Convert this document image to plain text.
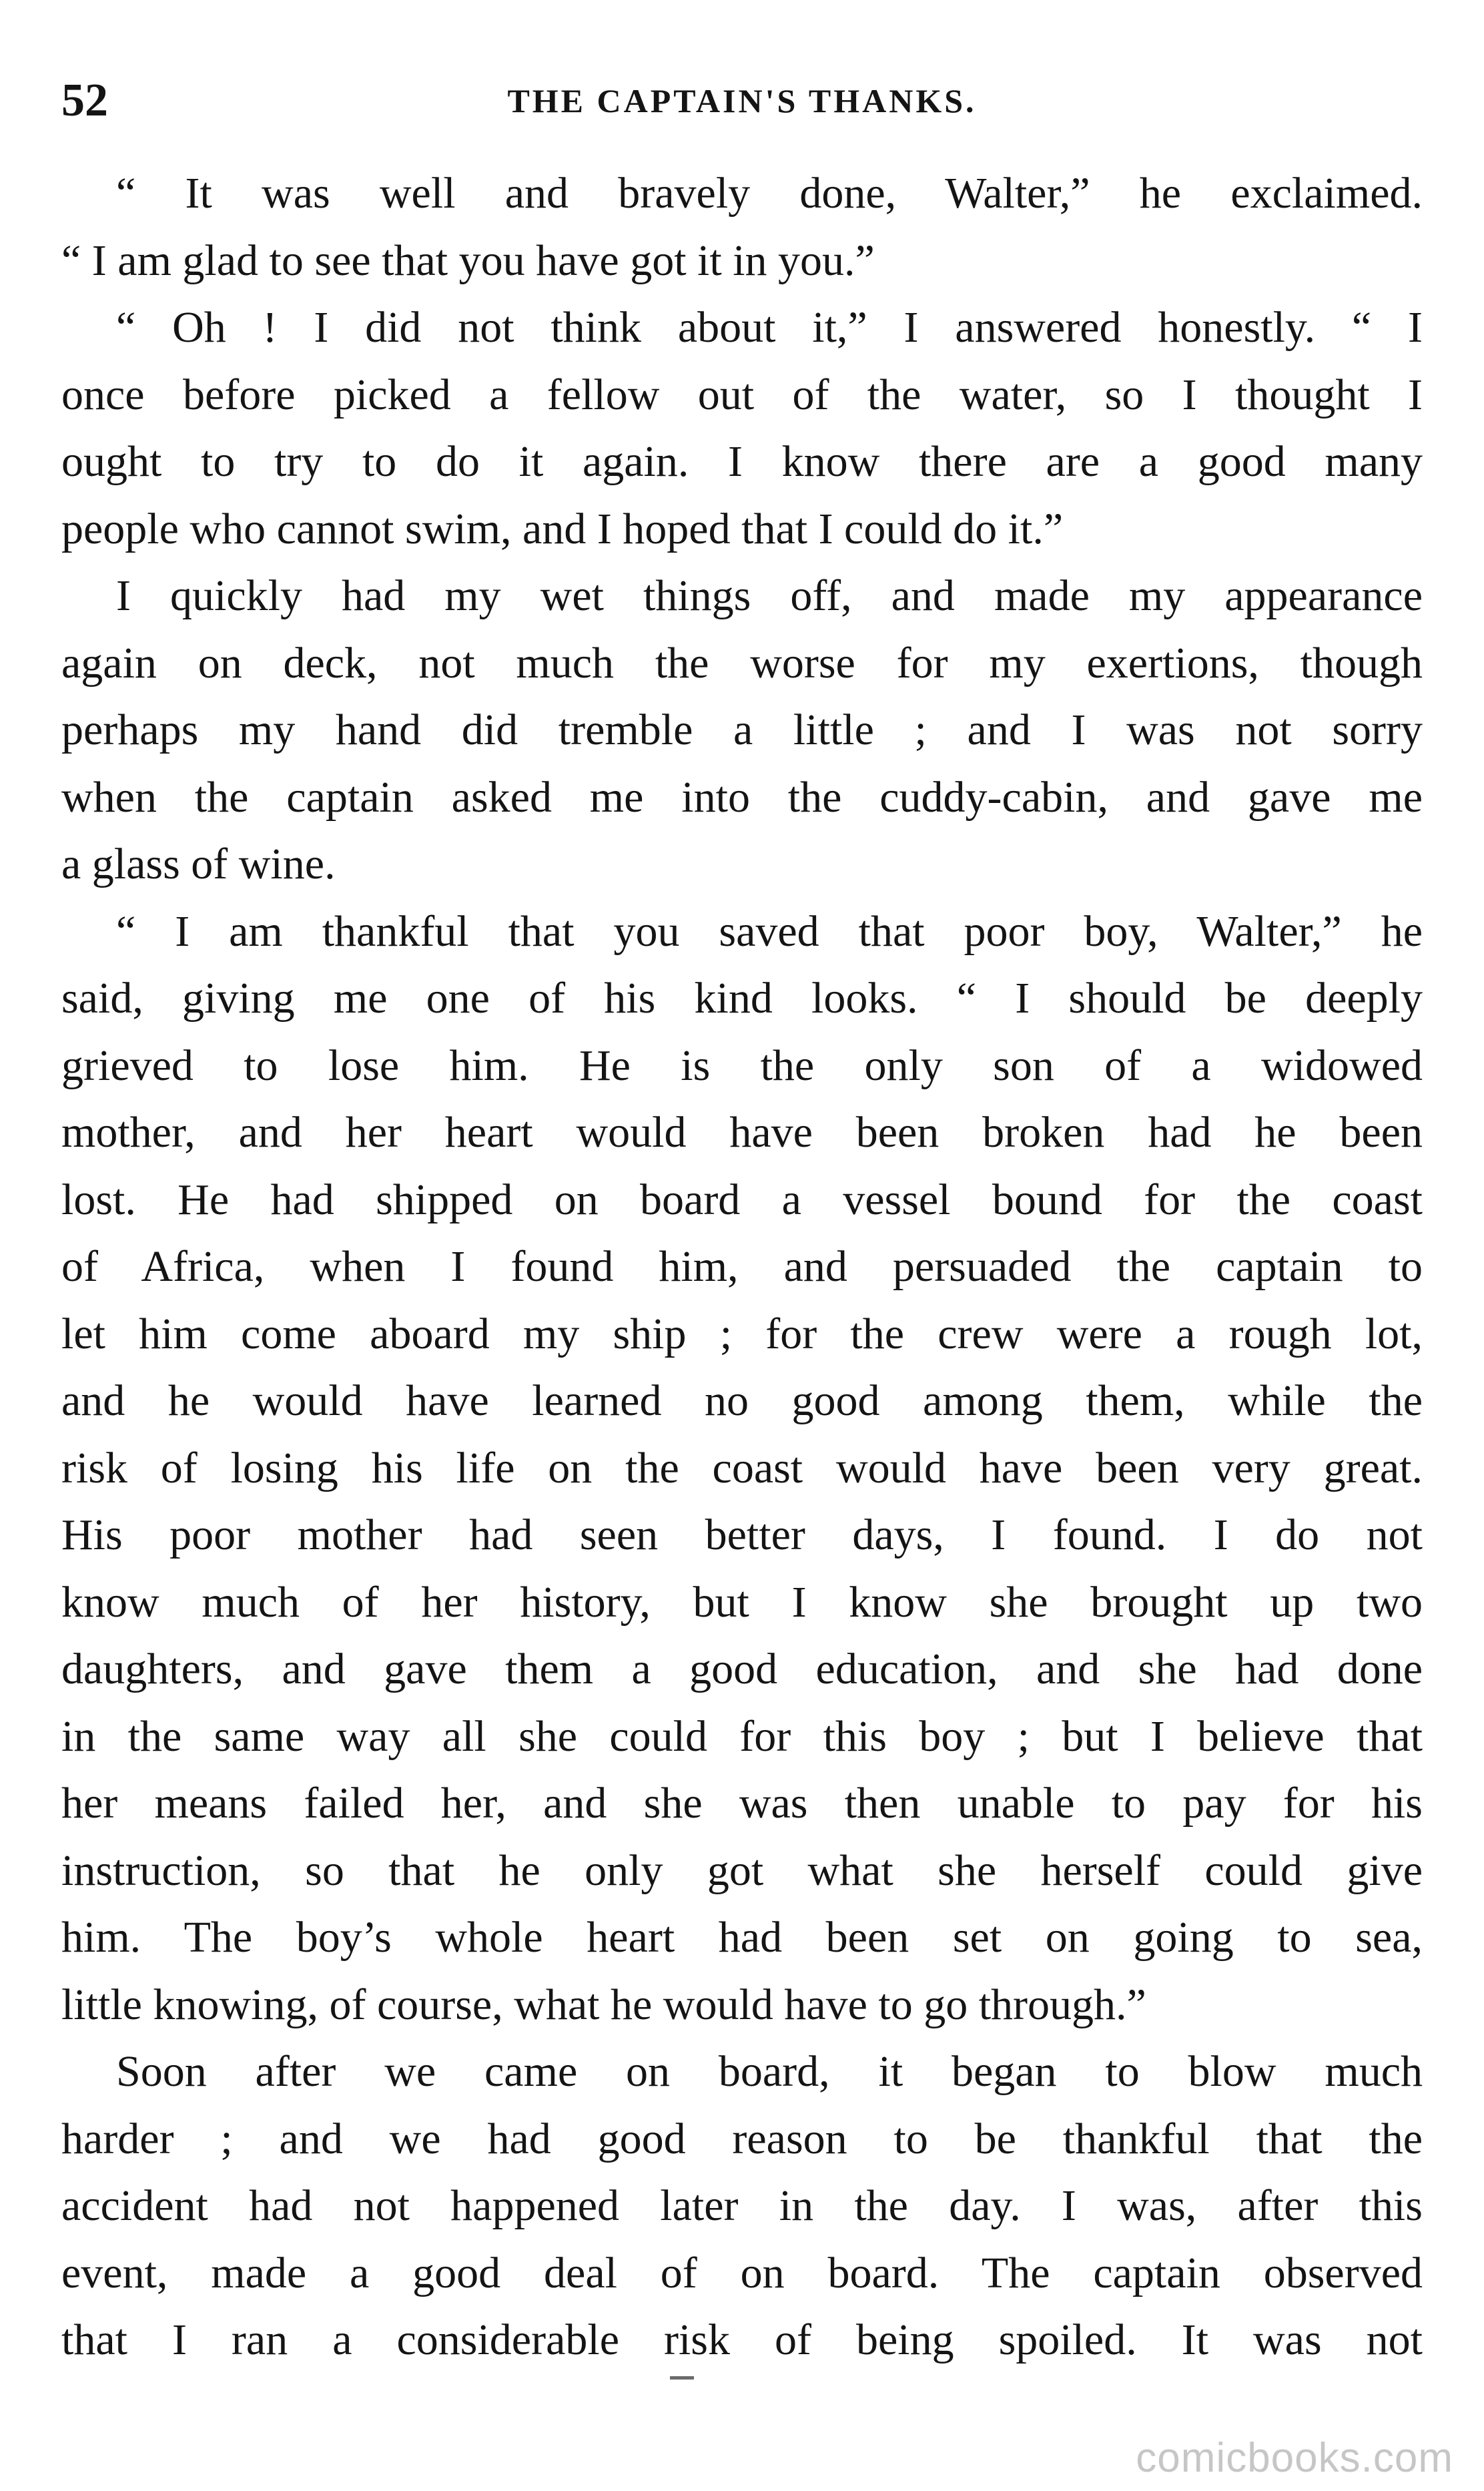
52	THE CAPTAIN'S THANKS.
“ It was well and bravely done, Walter,” he exclaimed.
“ I am glad to see that you have got it in you.”
“ Oh ! I did not think about it,” I answered honestly. “ I
once before picked a fellow out of the water, so I thought I
ought to try to do it again. I know there are a good many
people who cannot swim, and I hoped that I could do it.”
I quickly had my wet things off, and made my appearance
again on deck, not much the worse for my exertions, though
perhaps my hand did tremble a little ; and I was not sorry
when the captain asked me into the cuddy-cabin, and gave me
a glass of wine.
“ I am thankful that you saved that poor boy, Walter,” he
said, giving me one of his kind looks. “ I should be deeply
grieved to lose him. He is the only son of a widowed
mother, and her heart would have been broken had he been
lost. He had shipped on board a vessel bound for the coast
of Africa, when I found him, and persuaded the captain to
let him come aboard my ship ; for the crew were a rough lot,
and he would have learned no good among them, while the
risk of losing his life on the coast would have been very great.
His poor mother had seen better days, I found. I do not
know much of her history, but I know she brought up two
daughters, and gave them a good education, and she had done
in the same way all she could for this boy ; but I believe that
her means failed her, and she was then unable to pay for his
instruction, so that he only got what she herself could give
him. The boy’s whole heart had been set on going to sea,
little knowing, of course, what he would have to go through.”
Soon after we came on board, it began to blow much
harder ; and we had good reason to be thankful that the
accident had not happened later in the day. I was, after this
event, made a good deal of on board. The captain observed
that I ran a considerable risk of being spoiled. It was not
comicbooks.com
